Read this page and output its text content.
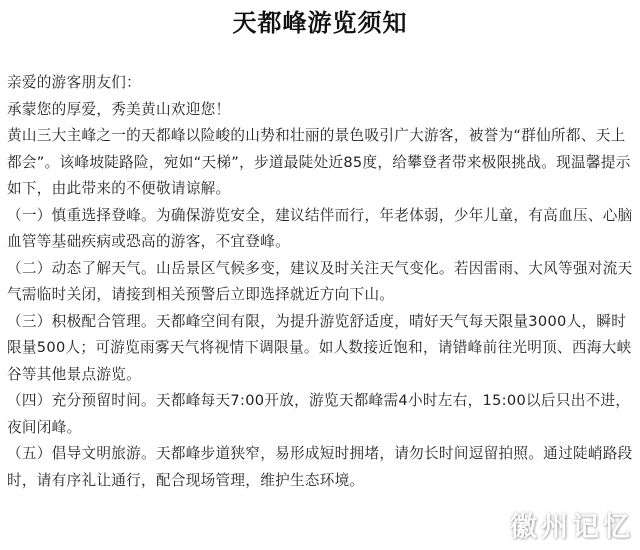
天都峰游览须知

亲爱的游客朋友们：

承蒙您的厚爱，秀美黄山欢迎您！

黄山三大主峰之一的天都峰以险峻的山势和壮丽的景色吸引广大游客，被誉为“群仙所都、天上都会”。该峰坡陡路险，宛如“天梯”，步道最陡处近85度，给攀登者带来极限挑战。现温馨提示如下，由此带来的不便敬请谅解。

（一）慎重选择登峰。为确保游览安全，建议结伴而行，年老体弱，少年儿童，有高血压、心脑血管等基础疾病或恐高的游客，不宜登峰。

（二）动态了解天气。山岳景区气候多变，建议及时关注天气变化。若因雷雨、大风等强对流天气需临时关闭，请接到相关预警后立即选择就近方向下山。

（三）积极配合管理。天都峰空间有限，为提升游览舒适度，晴好天气每天限量3000人，瞬时限量500人；可游览雨雾天气将视情下调限量。如人数接近饱和，请错峰前往光明顶、西海大峡谷等其他景点游览。

（四）充分预留时间。天都峰每天7:00开放，游览天都峰需4小时左右，15:00以后只出不进，夜间闭峰。

（五）倡导文明旅游。天都峰步道狭窄，易形成短时拥堵，请勿长时间逗留拍照。通过陡峭路段时，请有序礼让通行，配合现场管理，维护生态环境。

徽州记忆
